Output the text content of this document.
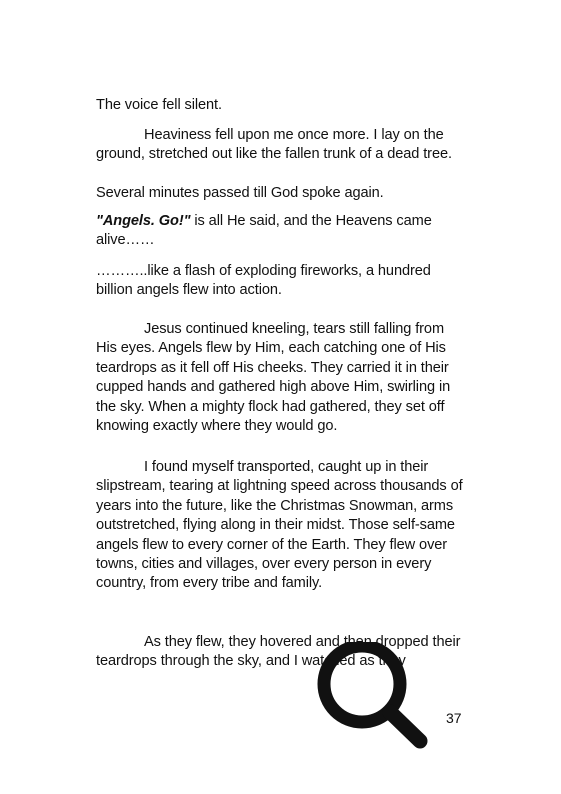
The voice fell silent.

Heaviness fell upon me once more. I lay on the ground, stretched out like the fallen trunk of a dead tree.

Several minutes passed till God spoke again.

"Angels. Go!" is all He said, and the Heavens came alive……

………..like a flash of exploding fireworks, a hundred billion angels flew into action.

Jesus continued kneeling, tears still falling from His eyes. Angels flew by Him, each catching one of His teardrops as it fell off His cheeks. They carried it in their cupped hands and gathered high above Him, swirling in the sky. When a mighty flock had gathered, they set off knowing exactly where they would go.

I found myself transported, caught up in their slipstream, tearing at lightning speed across thousands of years into the future, like the Christmas Snowman, arms outstretched, flying along in their midst. Those self-same angels flew to every corner of the Earth. They flew over towns, cities and villages, over every person in every country, from every tribe and family.

As they flew, they hovered and then dropped their teardrops through the sky, and I watched as they

37
